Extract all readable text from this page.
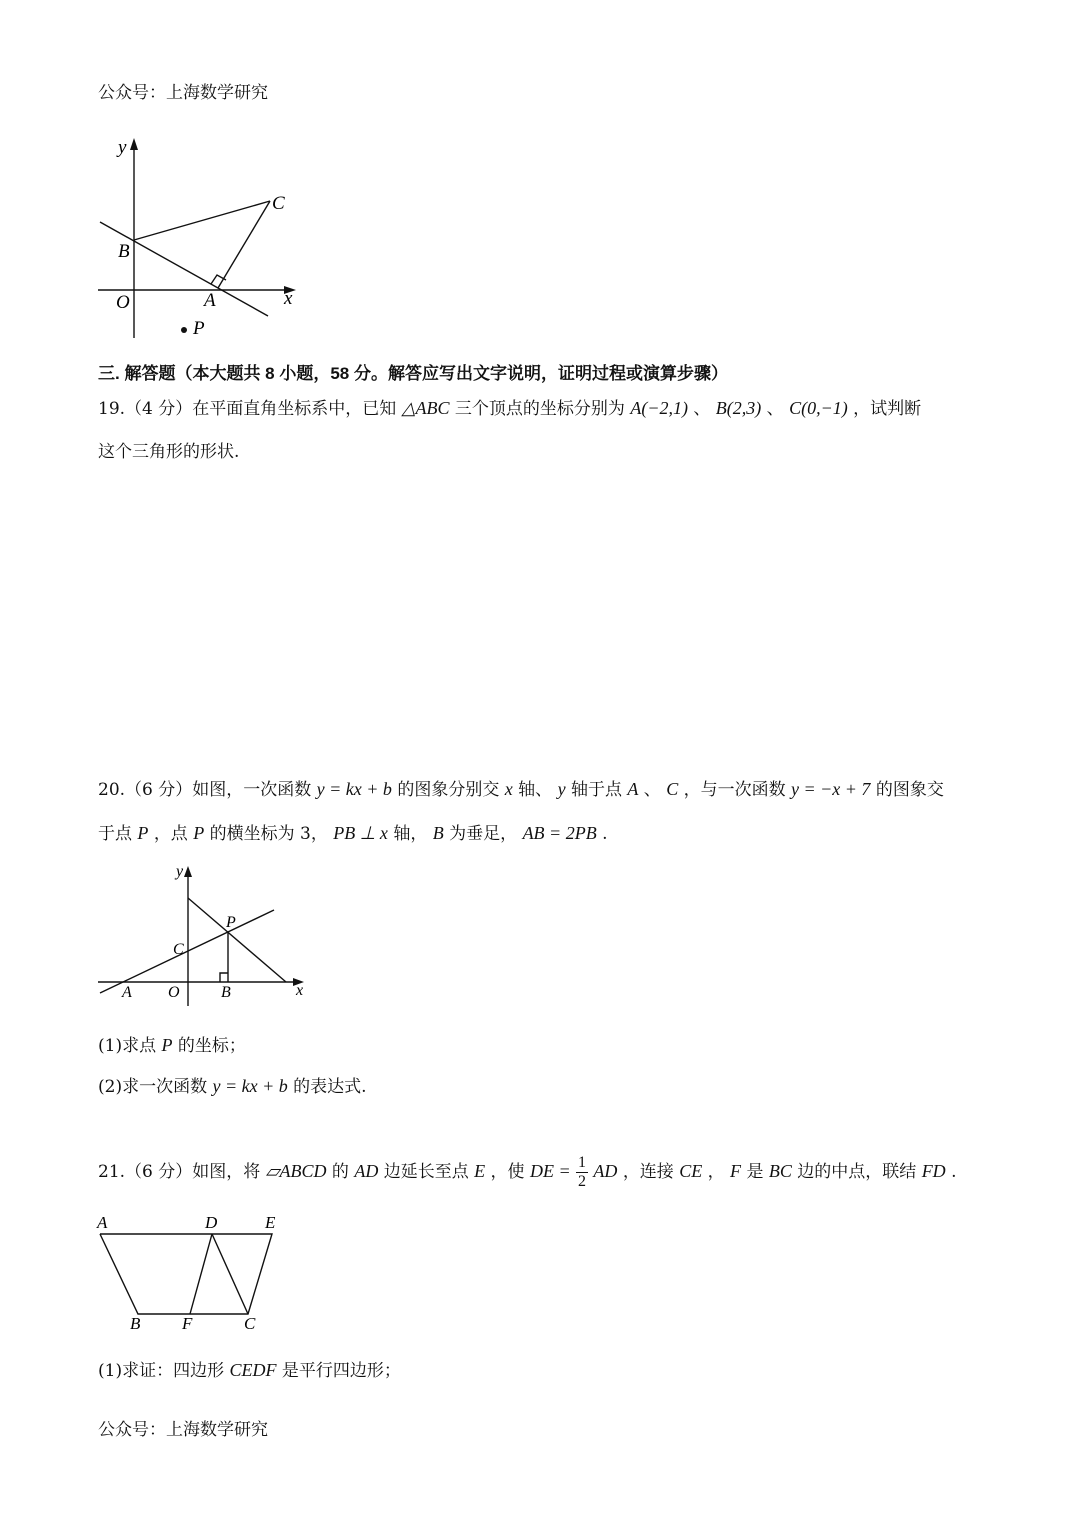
公众号：上海数学研究
y
x
O	A
B
C
P
三. 解答题（本大题共 8 小题，58 分。解答应写出文字说明，证明过程或演算步骤）
19.（4 分）在平面直角坐标系中，已知 △ABC 三个顶点的坐标分别为 A(−2,1) 、 B(2,3) 、 C(0,−1) ，试判断
这个三角形的形状.
20.（6 分）如图，一次函数 y = kx + b 的图象分别交 x 轴、 y 轴于点 A 、 C ，与一次函数 y = −x + 7 的图象交
于点 P ，点 P 的横坐标为 3， PB ⊥ x 轴， B 为垂足， AB = 2PB .
y
x
O
A	B
C
P
(1)求点 P 的坐标；
(2)求一次函数 y = kx + b 的表达式.
21.（6 分）如图，将 ▱ABCD 的 AD 边延长至点 E ，使 DE = $\frac{1}{2}$ AD ，连接 CE ， F 是 BC 边的中点，联结 FD .
A	D	E
B F	C
(1)求证：四边形 CEDF 是平行四边形；
公众号：上海数学研究
